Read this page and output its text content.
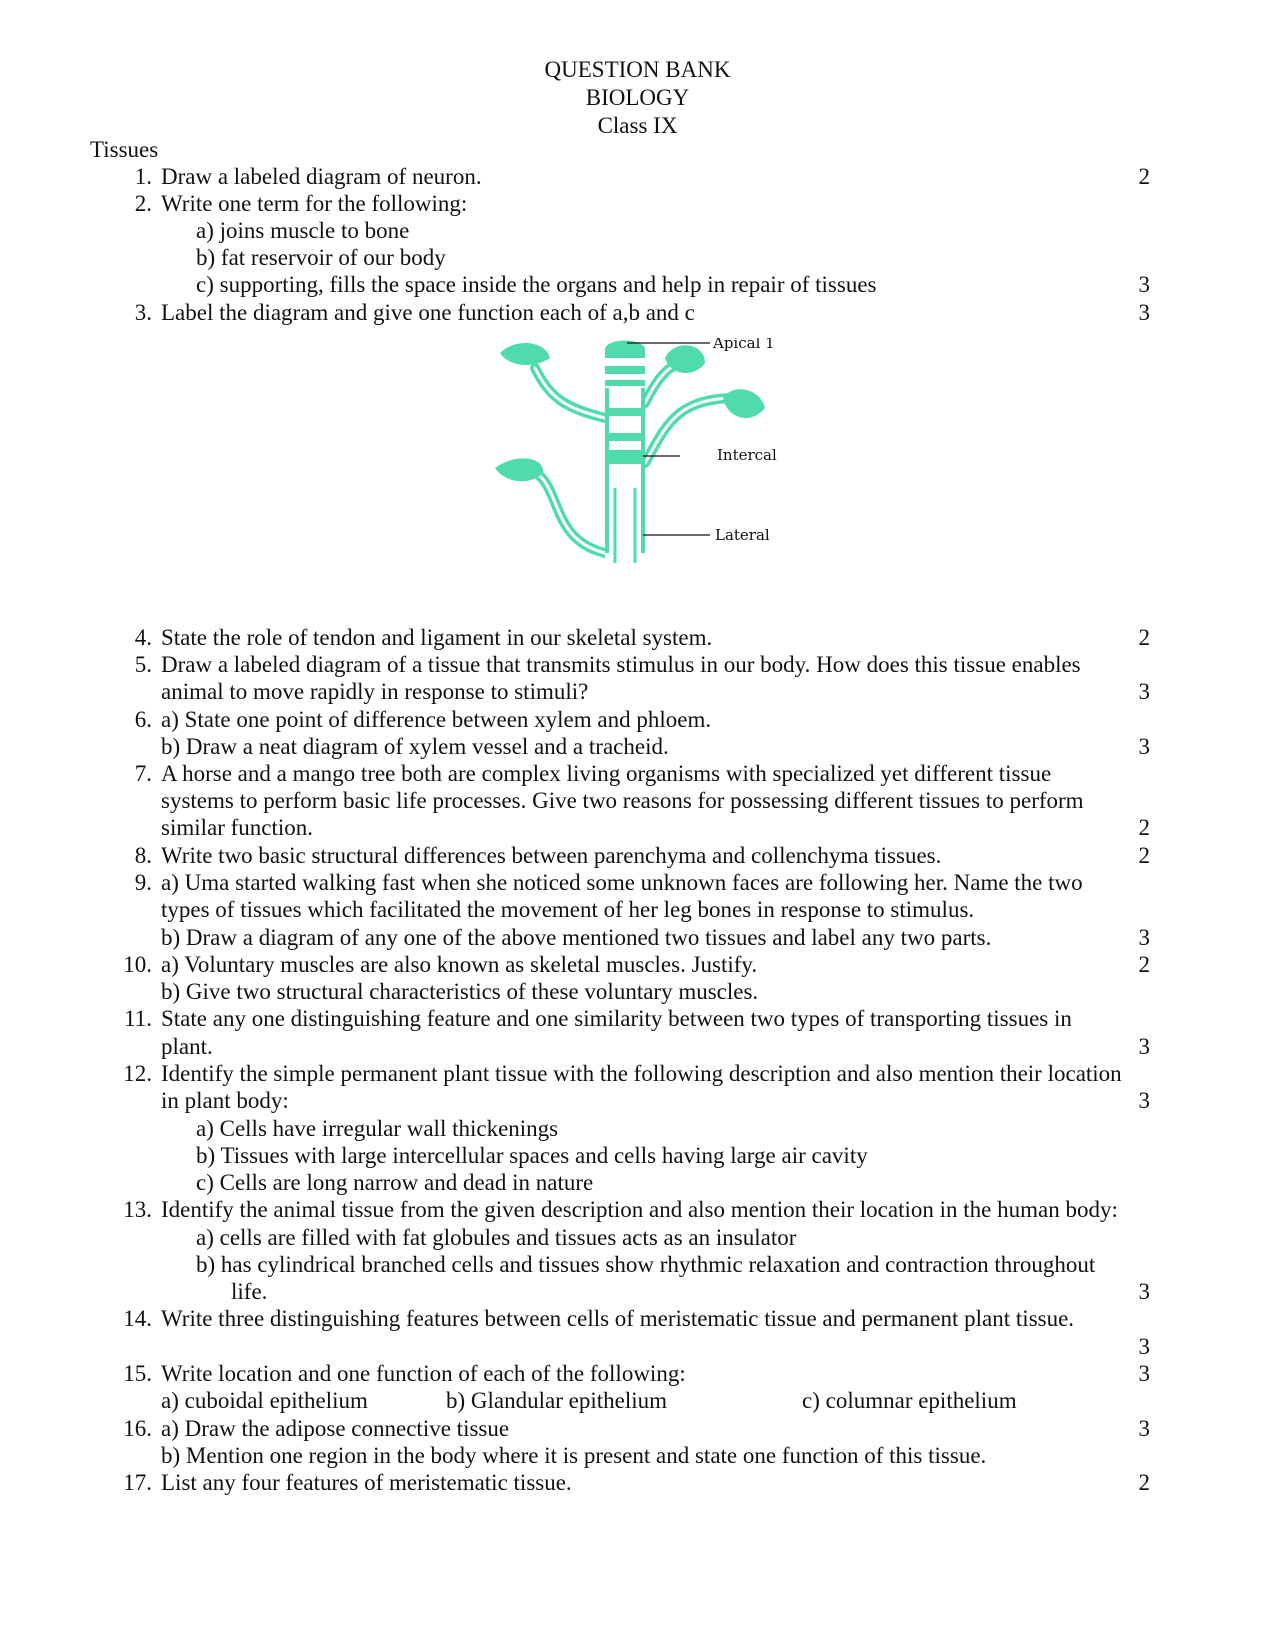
QUESTION BANK
BIOLOGY
Class IX
Tissues
1. Draw a labeled diagram of neuron.	2
2. Write one term for the following:
a) joins muscle to bone
b) fat reservoir of our body
c) supporting, fills the space inside the organs and help in repair of tissues	3
3. Label the diagram and give one function each of a,b and c	3
Apical 1
Intercal
Lateral
4. State the role of tendon and ligament in our skeletal system.	2
5. Draw a labeled diagram of a tissue that transmits stimulus in our body. How does this tissue enables
animal to move rapidly in response to stimuli?	3
6. a) State one point of difference between xylem and phloem.
b) Draw a neat diagram of xylem vessel and a tracheid.	3
7. A horse and a mango tree both are complex living organisms with specialized yet different tissue
systems to perform basic life processes. Give two reasons for possessing different tissues to perform
similar function.	2
8. Write two basic structural differences between parenchyma and collenchyma tissues.	2
9. a) Uma started walking fast when she noticed some unknown faces are following her. Name the two
types of tissues which facilitated the movement of her leg bones in response to stimulus.
b) Draw a diagram of any one of the above mentioned two tissues and label any two parts.	3
10. a) Voluntary muscles are also known as skeletal muscles. Justify.	2
b) Give two structural characteristics of these voluntary muscles.
11. State any one distinguishing feature and one similarity between two types of transporting tissues in
plant.	3
12. Identify the simple permanent plant tissue with the following description and also mention their location
in plant body:	3
a) Cells have irregular wall thickenings
b) Tissues with large intercellular spaces and cells having large air cavity
c) Cells are long narrow and dead in nature
13. Identify the animal tissue from the given description and also mention their location in the human body:
a) cells are filled with fat globules and tissues acts as an insulator
b) has cylindrical branched cells and tissues show rhythmic relaxation and contraction throughout
life.	3
14. Write three distinguishing features between cells of meristematic tissue and permanent plant tissue.
3
15. Write location and one function of each of the following:	3
a) cuboidal epithelium	b) Glandular epithelium	c) columnar epithelium
16. a) Draw the adipose connective tissue	3
b) Mention one region in the body where it is present and state one function of this tissue.
17. List any four features of meristematic tissue.	2
